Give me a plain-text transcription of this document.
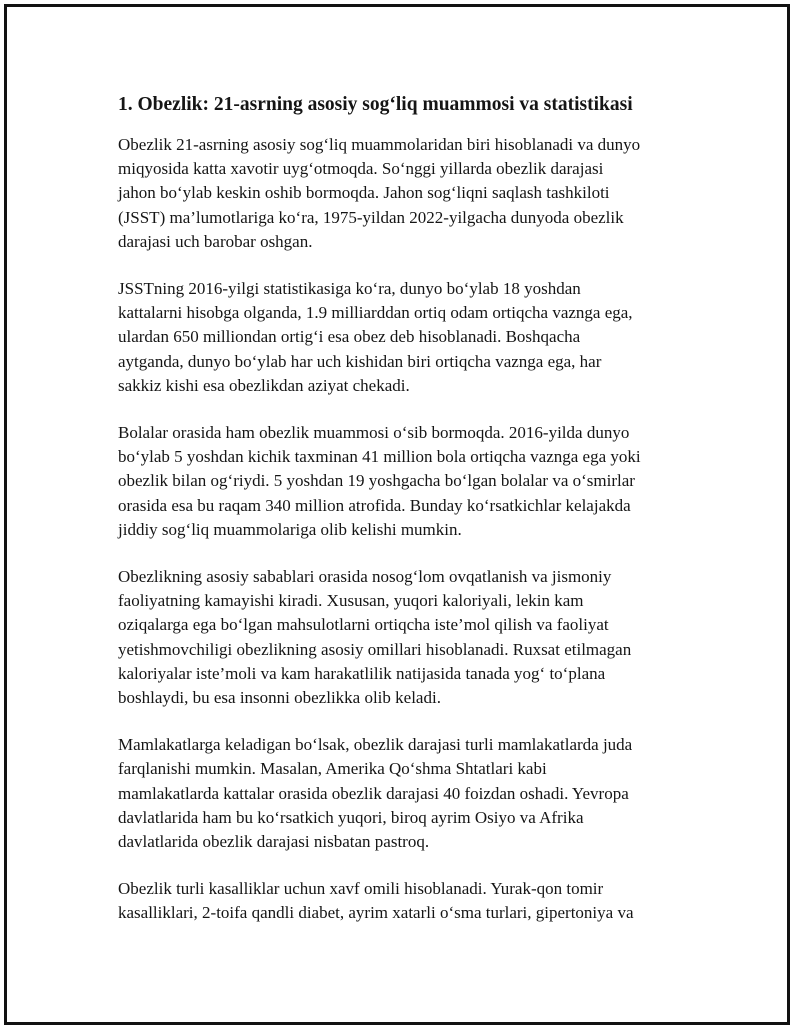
1. Obezlik: 21-asrning asosiy sog‘liq muammosi va statistikasi

Obezlik 21-asrning asosiy sog‘liq muammolaridan biri hisoblanadi va dunyo
miqyosida katta xavotir uyg‘otmoqda. So‘nggi yillarda obezlik darajasi
jahon bo‘ylab keskin oshib bormoqda. Jahon sog‘liqni saqlash tashkiloti
(JSST) ma’lumotlariga ko‘ra, 1975-yildan 2022-yilgacha dunyoda obezlik
darajasi uch barobar oshgan.

JSSTning 2016-yilgi statistikasiga ko‘ra, dunyo bo‘ylab 18 yoshdan
kattalarni hisobga olganda, 1.9 milliarddan ortiq odam ortiqcha vaznga ega,
ulardan 650 milliondan ortig‘i esa obez deb hisoblanadi. Boshqacha
aytganda, dunyo bo‘ylab har uch kishidan biri ortiqcha vaznga ega, har
sakkiz kishi esa obezlikdan aziyat chekadi.

Bolalar orasida ham obezlik muammosi o‘sib bormoqda. 2016-yilda dunyo
bo‘ylab 5 yoshdan kichik taxminan 41 million bola ortiqcha vaznga ega yoki
obezlik bilan og‘riydi. 5 yoshdan 19 yoshgacha bo‘lgan bolalar va o‘smirlar
orasida esa bu raqam 340 million atrofida. Bunday ko‘rsatkichlar kelajakda
jiddiy sog‘liq muammolariga olib kelishi mumkin.

Obezlikning asosiy sabablari orasida nosog‘lom ovqatlanish va jismoniy
faoliyatning kamayishi kiradi. Xususan, yuqori kaloriyali, lekin kam
oziqalarga ega bo‘lgan mahsulotlarni ortiqcha iste’mol qilish va faoliyat
yetishmovchiligi obezlikning asosiy omillari hisoblanadi. Ruxsat etilmagan
kaloriyalar iste’moli va kam harakatlilik natijasida tanada yog‘ to‘plana
boshlaydi, bu esa insonni obezlikka olib keladi.

Mamlakatlarga keladigan bo‘lsak, obezlik darajasi turli mamlakatlarda juda
farqlanishi mumkin. Masalan, Amerika Qo‘shma Shtatlari kabi
mamlakatlarda kattalar orasida obezlik darajasi 40 foizdan oshadi. Yevropa
davlatlarida ham bu ko‘rsatkich yuqori, biroq ayrim Osiyo va Afrika
davlatlarida obezlik darajasi nisbatan pastroq.

Obezlik turli kasalliklar uchun xavf omili hisoblanadi. Yurak-qon tomir
kasalliklari, 2-toifa qandli diabet, ayrim xatarli o‘sma turlari, gipertoniya va
